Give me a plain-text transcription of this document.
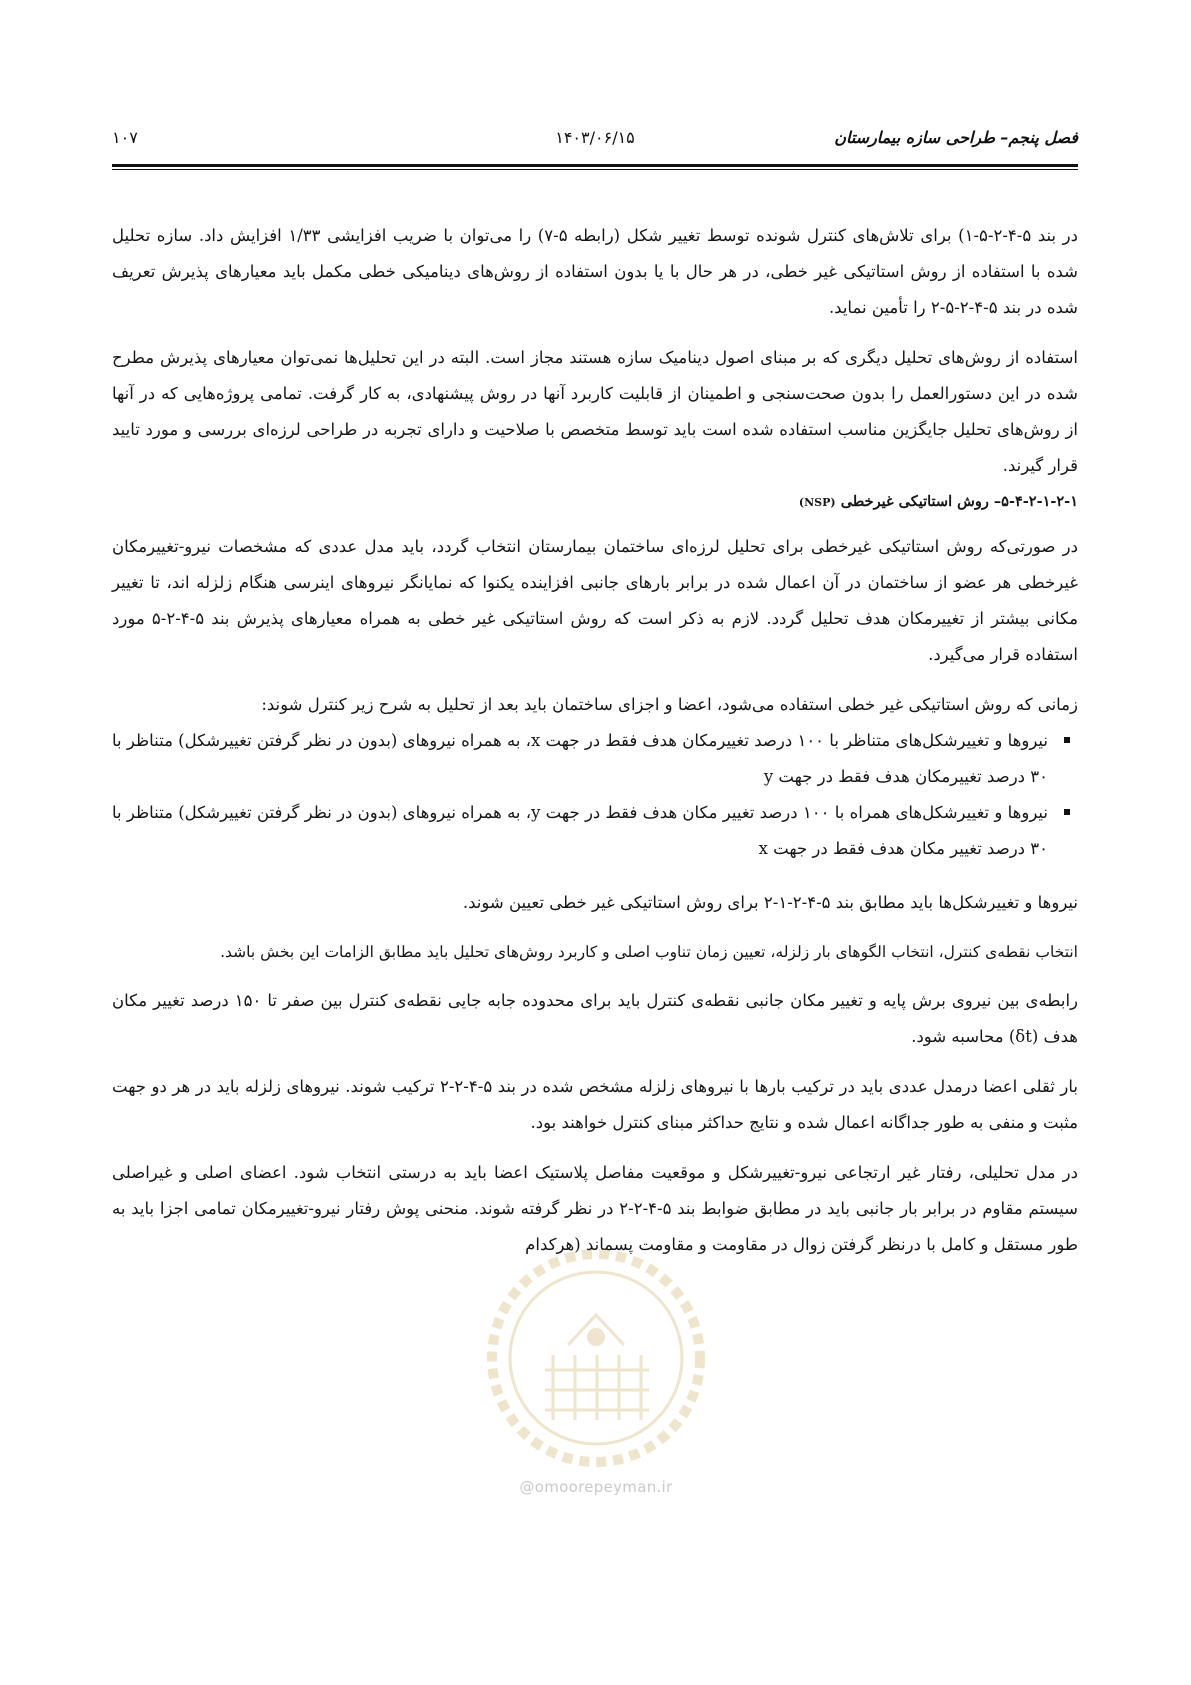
فصل پنجم– طراحی سازه بیمارستان
۱۴۰۳/۰۶/۱۵
۱۰۷

در بند ۵-۴-۲-۵-۱) برای تلاش‌های کنترل شونده توسط تغییر شکل (رابطه ۵-۷) را می‌توان با ضریب افزایشی ۱/۳۳ افزایش داد. سازه تحلیل شده با استفاده از روش استاتیکی غیر خطی، در هر حال با یا بدون استفاده از روش‌های دینامیکی خطی مکمل باید معیارهای پذیرش تعریف شده در بند ۵-۴-۲-۵-۲ را تأمین نماید.

استفاده از روش‌های تحلیل دیگری که بر مبنای اصول دینامیک سازه هستند مجاز است. البته در این تحلیل‌ها نمی‌توان معیارهای پذیرش مطرح شده در این دستورالعمل را بدون صحت‌سنجی و اطمینان از قابلیت کاربرد آنها در روش پیشنهادی، به کار گرفت. تمامی پروژه‌هایی که در آنها از روش‌های تحلیل جایگزین مناسب استفاده شده است باید توسط متخصص با صلاحیت و دارای تجربه در طراحی لرزه‌ای بررسی و مورد تایید قرار گیرند.

۵-۴-۲-۱-۲-۱– روش استاتیکی غیرخطی (NSP)

در صورتی‌که روش استاتیکی غیرخطی برای تحلیل لرزه‌ای ساختمان بیمارستان انتخاب گردد، باید مدل عددی که مشخصات نیرو-تغییرمکان غیرخطی هر عضو از ساختمان در آن اعمال شده در برابر بارهای جانبی افزاینده یکنوا که نمایانگر نیروهای اینرسی هنگام زلزله اند، تا تغییر مکانی بیشتر از تغییرمکان هدف تحلیل گردد. لازم به ذکر است که روش استاتیکی غیر خطی به همراه معیارهای پذیرش بند ۵-۴-۲-۵ مورد استفاده قرار می‌گیرد.

زمانی که روش استاتیکی غیر خطی استفاده می‌شود، اعضا و اجزای ساختمان باید بعد از تحلیل به شرح زیر کنترل شوند:

نیروها و تغییرشکل‌های متناظر با ۱۰۰ درصد تغییرمکان هدف فقط در جهت x، به همراه نیروهای (بدون در نظر گرفتن تغییرشکل) متناظر با ۳۰ درصد تغییرمکان هدف فقط در جهت y
نیروها و تغییرشکل‌های همراه با ۱۰۰ درصد تغییر مکان هدف فقط در جهت y، به همراه نیروهای (بدون در نظر گرفتن تغییرشکل) متناظر با ۳۰ درصد تغییر مکان هدف فقط در جهت x

نیروها و تغییرشکل‌ها باید مطابق بند ۵-۴-۲-۱-۲ برای روش استاتیکی غیر خطی تعیین شوند.

انتخاب نقطه‌ی کنترل، انتخاب الگوهای بار زلزله، تعیین زمان تناوب اصلی و کاربرد روش‌های تحلیل باید مطابق الزامات این بخش باشد.

رابطه‌ی بین نیروی برش پایه و تغییر مکان جانبی نقطه‌ی کنترل باید برای محدوده جابه جایی نقطه‌ی کنترل بین صفر تا ۱۵۰ درصد تغییر مکان هدف (δt) محاسبه شود.

بار ثقلی اعضا درمدل عددی باید در ترکیب بارها با نیروهای زلزله مشخص شده در بند ۵-۴-۲-۲ ترکیب شوند. نیروهای زلزله باید در هر دو جهت مثبت و منفی به طور جداگانه اعمال شده و نتایج حداکثر مبنای کنترل خواهند بود.

در مدل تحلیلی، رفتار غیر ارتجاعی نیرو-تغییرشکل و موقعیت مفاصل پلاستیک اعضا باید به درستی انتخاب شود. اعضای اصلی و غیراصلی سیستم مقاوم در برابر بار جانبی باید در مطابق ضوابط بند ۵-۴-۲-۲ در نظر گرفته شوند. منحنی پوش رفتار نیرو-تغییرمکان تمامی اجزا باید به طور مستقل و کامل با درنظر گرفتن زوال در مقاومت و مقاومت پسماند (هرکدام

@omoorepeyman.ir
